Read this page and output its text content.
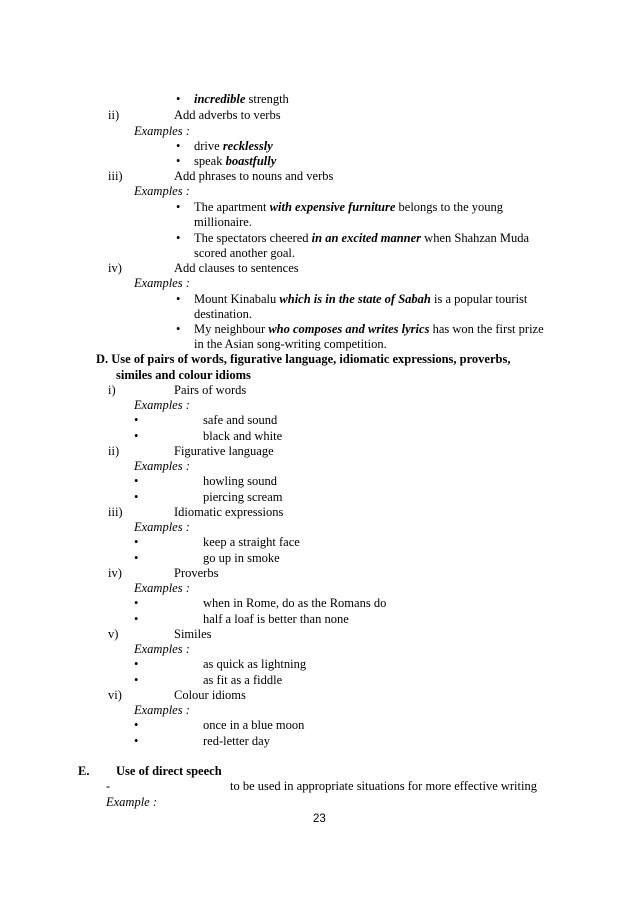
• incredible strength
ii)	Add adverbs to verbs
Examples :
• drive recklessly
• speak boastfully
iii)	Add phrases to nouns and verbs
Examples :
• The apartment with expensive furniture belongs to the young
millionaire.
• The spectators cheered in an excited manner when Shahzan Muda
scored another goal.
iv)	Add clauses to sentences
Examples :
• Mount Kinabalu which is in the state of Sabah is a popular tourist
destination.
• My neighbour who composes and writes lyrics has won the first prize
in the Asian song-writing competition.
D. Use of pairs of words, figurative language, idiomatic expressions, proverbs,
similes and colour idioms
i)	Pairs of words
Examples :
•	safe and sound
•	black and white
ii)	Figurative language
Examples :
•	howling sound
•	piercing scream
iii)	Idiomatic expressions
Examples :
•	keep a straight face
•	go up in smoke
iv)	Proverbs
Examples :
•	when in Rome, do as the Romans do
•	half a loaf is better than none
v)	Similes
Examples :
•	as quick as lightning
•	as fit as a fiddle
vi)	Colour idioms
Examples :
•	once in a blue moon
•	red-letter day
E. Use of direct speech
-	to be used in appropriate situations for more effective writing
Example :
23
